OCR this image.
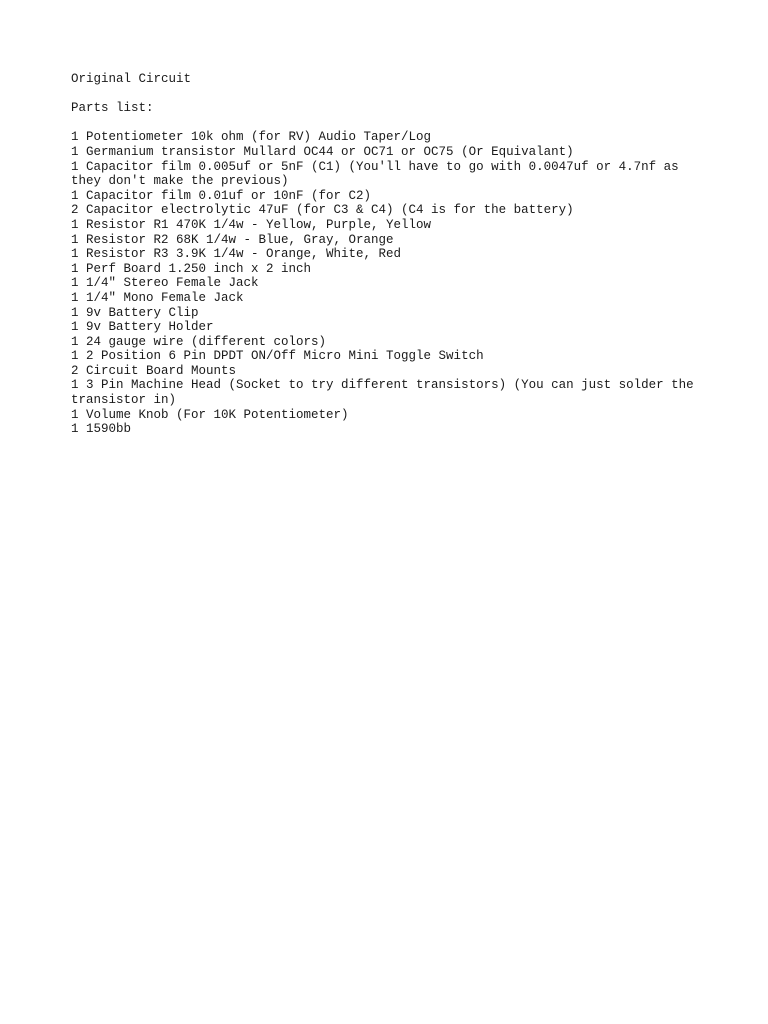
Original Circuit

Parts list:

1 Potentiometer 10k ohm (for RV) Audio Taper/Log
1 Germanium transistor Mullard OC44 or OC71 or OC75 (Or Equivalant)
1 Capacitor film 0.005uf or 5nF (C1) (You'll have to go with 0.0047uf or 4.7nf as they don't make the previous)
1 Capacitor film 0.01uf or 10nF (for C2)
2 Capacitor electrolytic 47uF (for C3 & C4) (C4 is for the battery)
1 Resistor R1 470K 1/4w - Yellow, Purple, Yellow
1 Resistor R2 68K 1/4w - Blue, Gray, Orange
1 Resistor R3 3.9K 1/4w - Orange, White, Red
1 Perf Board 1.250 inch x 2 inch
1 1/4" Stereo Female Jack
1 1/4" Mono Female Jack
1 9v Battery Clip
1 9v Battery Holder
1 24 gauge wire (different colors)
1 2 Position 6 Pin DPDT ON/Off Micro Mini Toggle Switch
2 Circuit Board Mounts
1 3 Pin Machine Head (Socket to try different transistors) (You can just solder the transistor in)
1 Volume Knob (For 10K Potentiometer)
1 1590bb
